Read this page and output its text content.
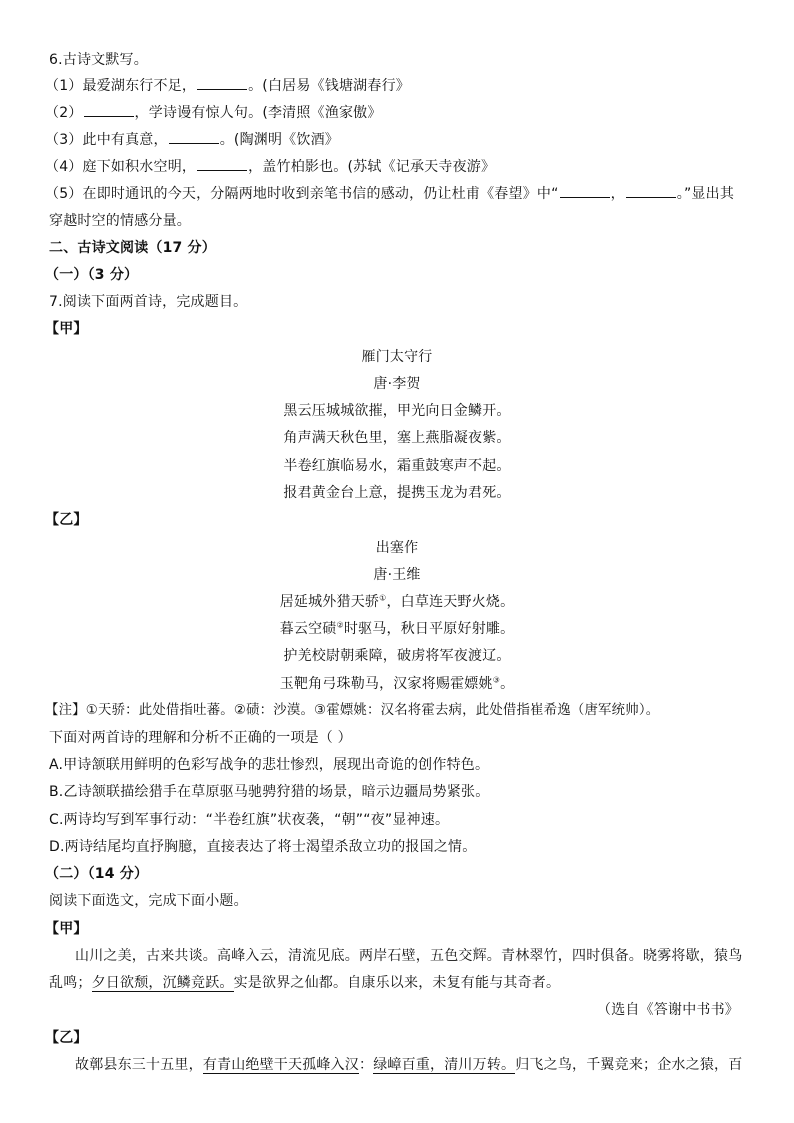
6.古诗文默写。
（1）最爱湖东行不足，	。(白居易《钱塘湖春行》
（2）	，学诗谩有惊人句。(李清照《渔家傲》
（3）此中有真意，	。(陶渊明《饮酒》
（4）庭下如积水空明，	，盖竹柏影也。(苏轼《记承天寺夜游》
（5）在即时通讯的今天，分隔两地时收到亲笔书信的感动，仍让杜甫《春望》中“	，	。”显出其
穿越时空的情感分量。
二、古诗文阅读（17 分）
（一）（3 分）
7.阅读下面两首诗，完成题目。
【甲】
雁门太守行
唐·李贺
黑云压城城欲摧，甲光向日金鳞开。
角声满天秋色里，塞上燕脂凝夜紫。
半卷红旗临易水，霜重鼓寒声不起。
报君黄金台上意，提携玉龙为君死。
【乙】
出塞作
唐·王维
居延城外猎天骄①，白草连天野火烧。
暮云空碛②时驱马，秋日平原好射雕。
护羌校尉朝乘障，破虏将军夜渡辽。
玉靶角弓珠勒马，汉家将赐霍嫖姚③。
【注】①天骄：此处借指吐蕃。②碛：沙漠。③霍嫖姚：汉名将霍去病，此处借指崔希逸（唐军统帅）。
下面对两首诗的理解和分析不正确的一项是（ ）
A.甲诗颔联用鲜明的色彩写战争的悲壮惨烈，展现出奇诡的创作特色。
B.乙诗颔联描绘猎手在草原驱马驰骋狩猎的场景，暗示边疆局势紧张。
C.两诗均写到军事行动：“半卷红旗”状夜袭，“朝”“夜”显神速。
D.两诗结尾均直抒胸臆，直接表达了将士渴望杀敌立功的报国之情。
（二）（14 分）
阅读下面选文，完成下面小题。
【甲】
山川之美，古来共谈。高峰入云，清流见底。两岸石壁，五色交辉。青林翠竹，四时俱备。晓雾将歇，猿鸟
乱鸣；夕日欲颓，沉鳞竞跃。实是欲界之仙都。自康乐以来，未复有能与其奇者。
（选自《答谢中书书》
【乙】
故鄣县东三十五里，有青山绝壁干天孤峰入汉：绿嶂百重，清川万转。归飞之鸟，千翼竞来；企水之猿，百
